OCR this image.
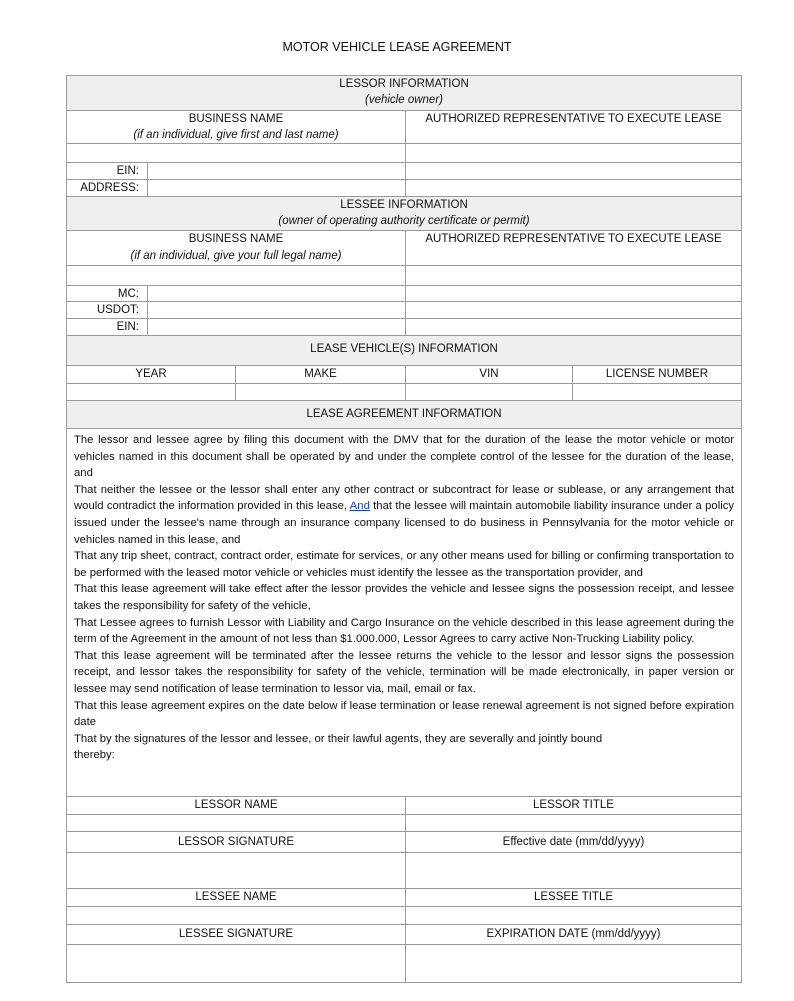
MOTOR VEHICLE LEASE AGREEMENT
LESSOR INFORMATION
(vehicle owner)
BUSINESS NAME
(if an individual, give first and last name)
AUTHORIZED REPRESENTATIVE TO EXECUTE LEASE
EIN:
ADDRESS:
LESSEE INFORMATION
(owner of operating authority certificate or permit)
BUSINESS NAME
(if an individual, give your full legal name)
AUTHORIZED REPRESENTATIVE TO EXECUTE LEASE
MC:
USDOT:
EIN:
LEASE VEHICLE(S) INFORMATION
YEAR	MAKE	VIN	LICENSE NUMBER
LEASE AGREEMENT INFORMATION

The lessor and lessee agree by filing this document with the DMV that for the duration of the lease the motor vehicle or motor vehicles named in this document shall be operated by and under the complete control of the lessee for the duration of the lease, and

That neither the lessee or the lessor shall enter any other contract or subcontract for lease or sublease, or any arrangement that would contradict the information provided in this lease, And that the lessee will maintain automobile liability insurance under a policy issued under the lessee's name through an insurance company licensed to do business in Pennsylvania for the motor vehicle or vehicles named in this lease, and

That any trip sheet, contract, contract order, estimate for services, or any other means used for billing or confirming transportation to be performed with the leased motor vehicle or vehicles must identify the lessee as the transportation provider, and

That this lease agreement will take effect after the lessor provides the vehicle and lessee signs the possession receipt, and lessee takes the responsibility for safety of the vehicle,

That Lessee agrees to furnish Lessor with Liability and Cargo Insurance on the vehicle described in this lease agreement during the term of the Agreement in the amount of not less than $1.000.000, Lessor Agrees to carry active Non-Trucking Liability policy.

That this lease agreement will be terminated after the lessee returns the vehicle to the lessor and lessor signs the possession receipt, and lessor takes the responsibility for safety of the vehicle, termination will be made electronically, in paper version or lessee may send notification of lease termination to lessor via, mail, email or fax.

That this lease agreement expires on the date below if lease termination or lease renewal agreement is not signed before expiration date

That by the signatures of the lessor and lessee, or their lawful agents, they are severally and jointly bound thereby:

LESSOR NAME	LESSOR TITLE
LESSOR SIGNATURE	Effective date (mm/dd/yyyy)
LESSEE NAME	LESSEE TITLE
LESSEE SIGNATURE	EXPIRATION DATE (mm/dd/yyyy)
